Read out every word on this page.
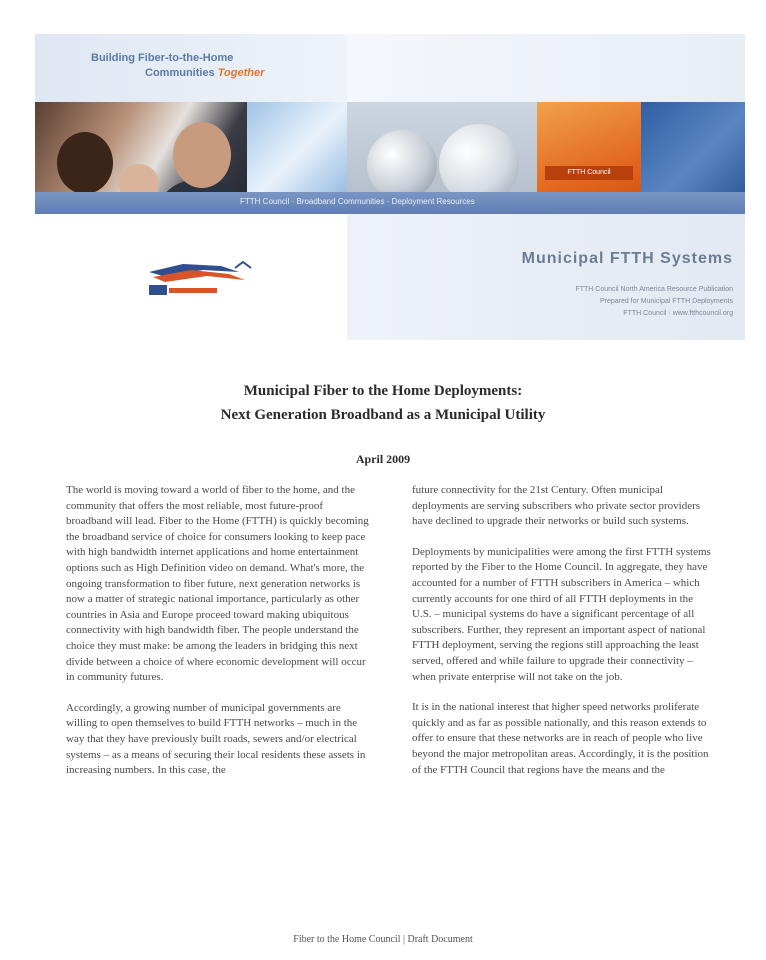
Building Fiber-to-the-Home
Communities Together
FTTH Council
FTTH Council · Broadband Communities · Deployment Resources
Municipal FTTH Systems
FTTH Council North America Resource Publication
Prepared for Municipal FTTH Deployments
FTTH Council · www.ftthcouncil.org
Municipal Fiber to the Home Deployments:
Next Generation Broadband as a Municipal Utility
April 2009

The world is moving toward a world of fiber to the home, and the community that offers the most reliable, most future-proof broadband will lead. Fiber to the Home (FTTH) is quickly becoming the broadband service of choice for consumers looking to keep pace with high bandwidth internet applications and home entertainment options such as High Definition video on demand. What's more, the ongoing transformation to fiber future, next generation networks is now a matter of strategic national importance, particularly as other countries in Asia and Europe proceed toward making ubiquitous connectivity with high bandwidth fiber. The people understand the choice they must make: be among the leaders in bridging this next divide between a choice of where economic development will occur in community futures.

Accordingly, a growing number of municipal governments are willing to open themselves to build FTTH networks – much in the way that they have previously built roads, sewers and/or electrical systems – as a means of securing their local residents these assets in increasing numbers. In this case, the

future connectivity for the 21st Century. Often municipal deployments are serving subscribers who private sector providers have declined to upgrade their networks or build such systems.

Deployments by municipalities were among the first FTTH systems reported by the Fiber to the Home Council. In aggregate, they have accounted for a number of FTTH subscribers in America – which currently accounts for one third of all FTTH deployments in the U.S. – municipal systems do have a significant percentage of all subscribers. Further, they represent an important aspect of national FTTH deployment, serving the regions still approaching the least served, offered and while failure to upgrade their connectivity – when private enterprise will not take on the job.

It is in the national interest that higher speed networks proliferate quickly and as far as possible nationally, and this reason extends to offer to ensure that these networks are in reach of people who live beyond the major metropolitan areas. Accordingly, it is the position of the FTTH Council that regions have the means and the

Fiber to the Home Council | Draft Document
